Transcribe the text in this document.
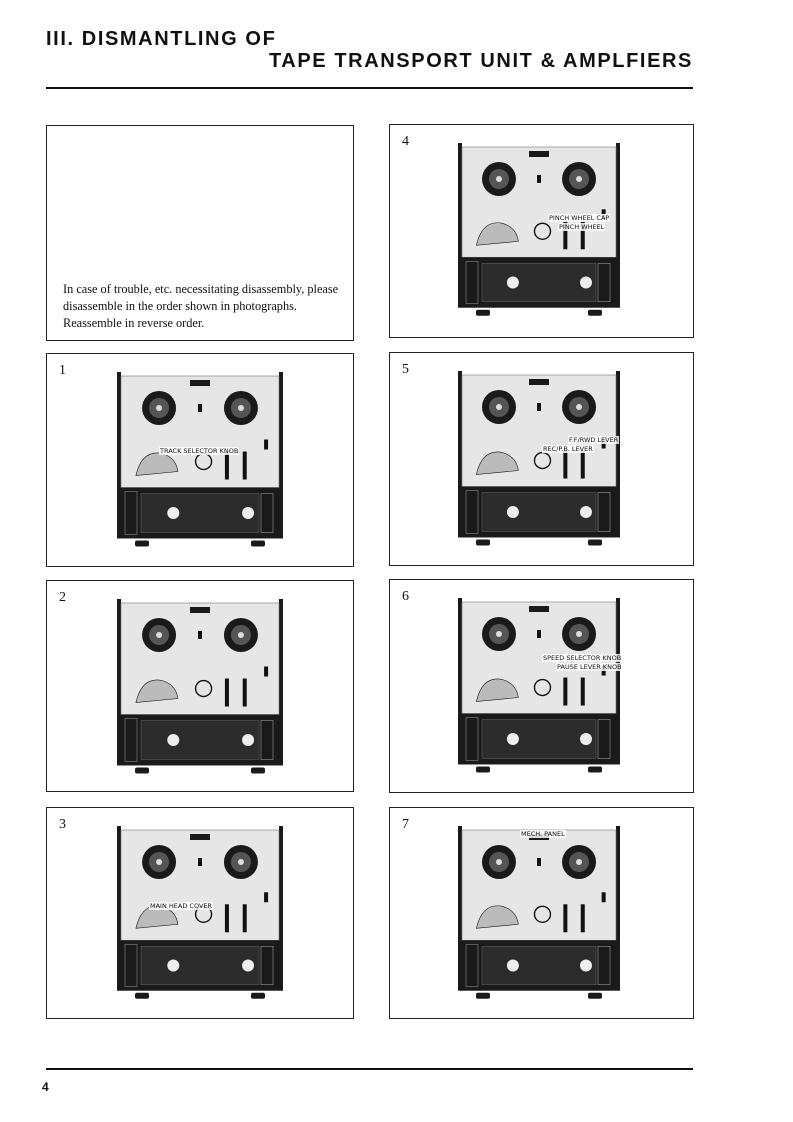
III. DISMANTLING OF
TAPE TRANSPORT UNIT & AMPLFIERS

In case of trouble, etc. necessitating disassembly, please disassemble in the order shown in photographs. Reassemble in reverse order.

4
PINCH WHEEL CAP
PINCH WHEEL
1
TRACK SELECTOR KNOB
5
F.F/RWD LEVER
REC/P.B. LEVER
2	6
SPEED SELECTOR KNOB
PAUSE LEVER KNOB
3
MAIN HEAD COVER
7
MECH. PANEL
4
